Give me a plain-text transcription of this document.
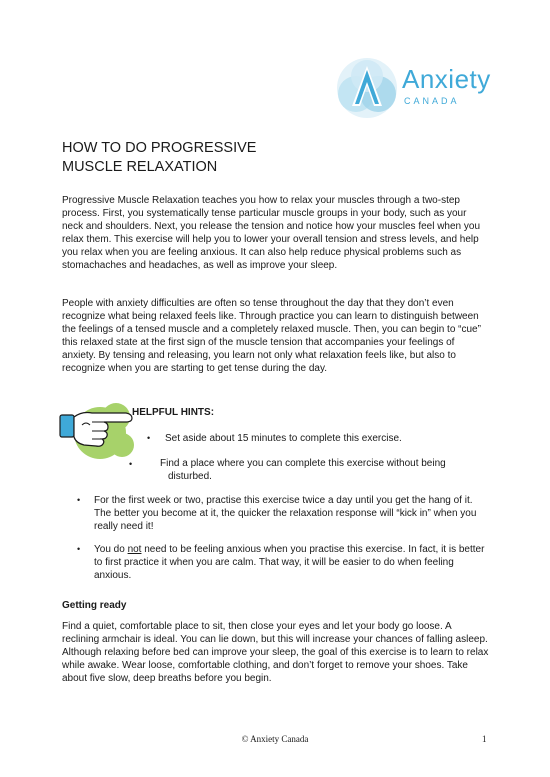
Anxiety
CANADA
HOW TO DO PROGRESSIVE
MUSCLE RELAXATION

Progressive Muscle Relaxation teaches you how to relax your muscles through a two-step process. First, you systematically tense particular muscle groups in your body, such as your neck and shoulders. Next, you release the tension and notice how your muscles feel when you relax them. This exercise will help you to lower your overall tension and stress levels, and help you relax when you are feeling anxious. It can also help reduce physical problems such as stomachaches and headaches, as well as improve your sleep.

People with anxiety difficulties are often so tense throughout the day that they don’t even recognize what being relaxed feels like. Through practice you can learn to distinguish between the feelings of a tensed muscle and a completely relaxed muscle. Then, you can begin to “cue” this relaxed state at the first sign of the muscle tension that accompanies your feelings of anxiety. By tensing and releasing, you learn not only what relaxation feels like, but also to recognize when you are starting to get tense during the day.

HELPFUL HINTS:
• Set aside about 15 minutes to complete this exercise.
•	Find a place where you can complete this exercise without being
disturbed.
• For the first week or two, practise this exercise twice a day until you get the hang of it. The better you become at it, the quicker the relaxation response will “kick in” when you really need it!
• You do not need to be feeling anxious when you practise this exercise. In fact, it is better to first practice it when you are calm. That way, it will be easier to do when feeling anxious.
Getting ready

Find a quiet, comfortable place to sit, then close your eyes and let your body go loose. A reclining armchair is ideal. You can lie down, but this will increase your chances of falling asleep. Although relaxing before bed can improve your sleep, the goal of this exercise is to learn to relax while awake. Wear loose, comfortable clothing, and don’t forget to remove your shoes. Take about five slow, deep breaths before you begin.

© Anxiety Canada	1
